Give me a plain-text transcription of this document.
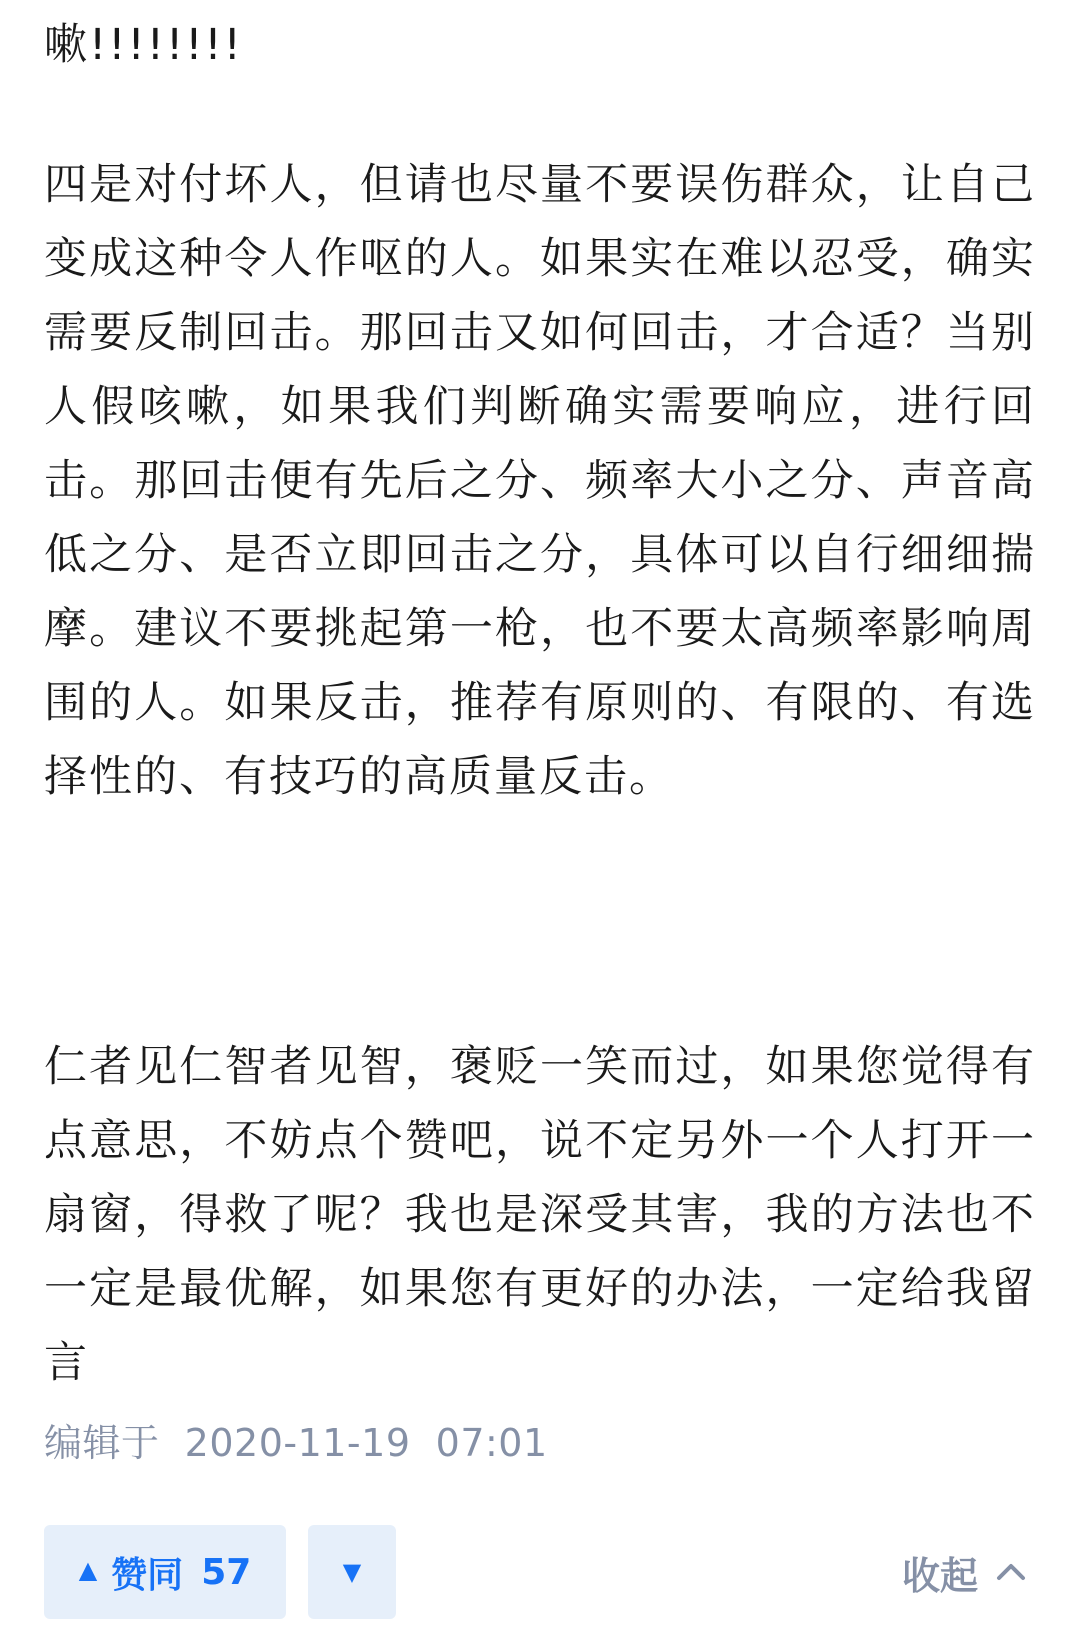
嗽!!!!!!!!

四是对付坏人，但请也尽量不要误伤群众，让自己变成这种令人作呕的人。如果实在难以忍受，确实需要反制回击。那回击又如何回击，才合适？当别人假咳嗽，如果我们判断确实需要响应，进行回击。那回击便有先后之分、频率大小之分、声音高低之分、是否立即回击之分，具体可以自行细细揣摩。建议不要挑起第一枪，也不要太高频率影响周围的人。如果反击，推荐有原则的、有限的、有选择性的、有技巧的高质量反击。

仁者见仁智者见智，褒贬一笑而过，如果您觉得有点意思，不妨点个赞吧，说不定另外一个人打开一扇窗，得救了呢？我也是深受其害，我的方法也不一定是最优解，如果您有更好的办法，一定给我留言

编辑于  2020-11-19  07:01
▲ 赞同 57	▼	收起
